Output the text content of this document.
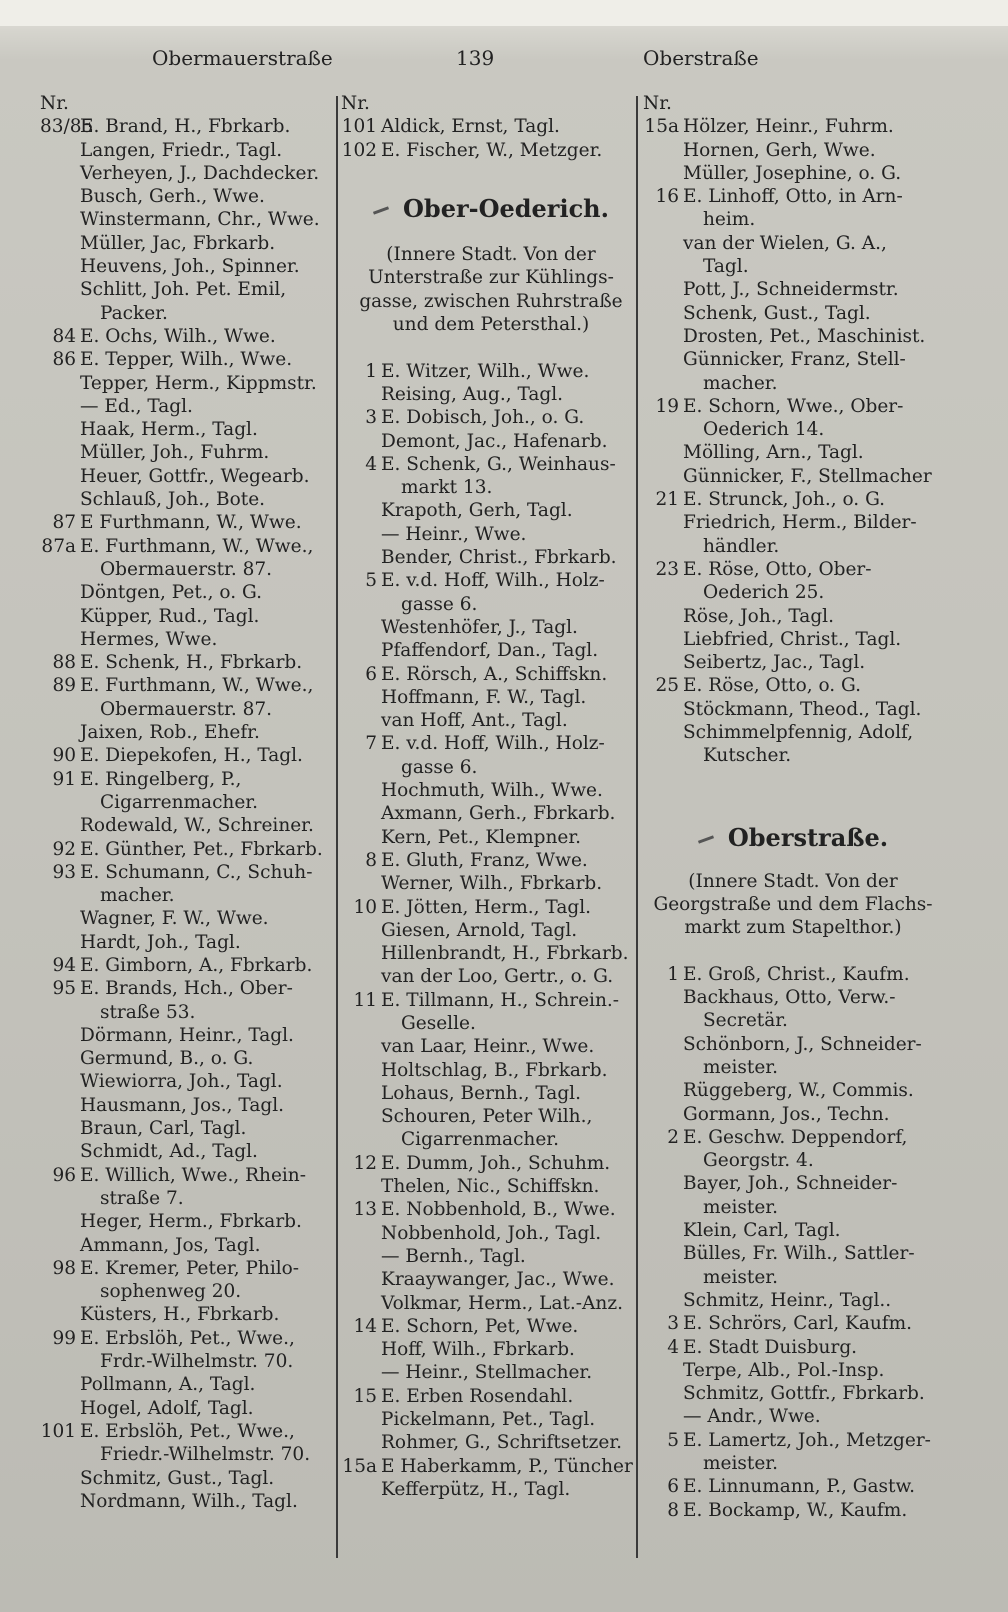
Obermauerstraße	139	Oberstraße
Nr.
83/85
E. Brand, H., Fbrkarb.
Langen, Friedr., Tagl.
Verheyen, J., Dachdecker.
Busch, Gerh., Wwe.
Winstermann, Chr., Wwe.
Müller, Jac, Fbrkarb.
Heuvens, Joh., Spinner.
Schlitt, Joh. Pet. Emil,
Packer.
84 E. Ochs, Wilh., Wwe.
86 E. Tepper, Wilh., Wwe.
Tepper, Herm., Kippmstr.
— Ed., Tagl.
Haak, Herm., Tagl.
Müller, Joh., Fuhrm.
Heuer, Gottfr., Wegearb.
Schlauß, Joh., Bote.
87 E Furthmann, W., Wwe.
87a E. Furthmann, W., Wwe.,
Obermauerstr. 87.
Döntgen, Pet., o. G.
Küpper, Rud., Tagl.
Hermes, Wwe.
88 E. Schenk, H., Fbrkarb.
89 E. Furthmann, W., Wwe.,
Obermauerstr. 87.
Jaixen, Rob., Ehefr.
90 E. Diepekofen, H., Tagl.
91 E. Ringelberg, P.,
Cigarrenmacher.
Rodewald, W., Schreiner.
92 E. Günther, Pet., Fbrkarb.
93 E. Schumann, C., Schuh-
macher.
Wagner, F. W., Wwe.
Hardt, Joh., Tagl.
94 E. Gimborn, A., Fbrkarb.
95 E. Brands, Hch., Ober-
straße 53.
Dörmann, Heinr., Tagl.
Germund, B., o. G.
Wiewiorra, Joh., Tagl.
Hausmann, Jos., Tagl.
Braun, Carl, Tagl.
Schmidt, Ad., Tagl.
96 E. Willich, Wwe., Rhein-
straße 7.
Heger, Herm., Fbrkarb.
Ammann, Jos, Tagl.
98 E. Kremer, Peter, Philo-
sophenweg 20.
Küsters, H., Fbrkarb.
99 E. Erbslöh, Pet., Wwe.,
Frdr.-Wilhelmstr. 70.
Pollmann, A., Tagl.
Hogel, Adolf, Tagl.
101 E. Erbslöh, Pet., Wwe.,
Friedr.-Wilhelmstr. 70.
Schmitz, Gust., Tagl.
Nordmann, Wilh., Tagl.
Nr.
101 Aldick, Ernst, Tagl.
102 E. Fischer, W., Metzger.
Ober-Oederich.
(Innere Stadt. Von der
Unterstraße zur Kühlings-
gasse, zwischen Ruhrstraße
und dem Petersthal.)
1 E. Witzer, Wilh., Wwe.
Reising, Aug., Tagl.
3 E. Dobisch, Joh., o. G.
Demont, Jac., Hafenarb.
4 E. Schenk, G., Weinhaus-
markt 13.
Krapoth, Gerh, Tagl.
— Heinr., Wwe.
Bender, Christ., Fbrkarb.
5 E. v.d. Hoff, Wilh., Holz-
gasse 6.
Westenhöfer, J., Tagl.
Pfaffendorf, Dan., Tagl.
6 E. Rörsch, A., Schiffskn.
Hoffmann, F. W., Tagl.
van Hoff, Ant., Tagl.
7 E. v.d. Hoff, Wilh., Holz-
gasse 6.
Hochmuth, Wilh., Wwe.
Axmann, Gerh., Fbrkarb.
Kern, Pet., Klempner.
8 E. Gluth, Franz, Wwe.
Werner, Wilh., Fbrkarb.
10 E. Jötten, Herm., Tagl.
Giesen, Arnold, Tagl.
Hillenbrandt, H., Fbrkarb.
van der Loo, Gertr., o. G.
11 E. Tillmann, H., Schrein.-
Geselle.
van Laar, Heinr., Wwe.
Holtschlag, B., Fbrkarb.
Lohaus, Bernh., Tagl.
Schouren, Peter Wilh.,
Cigarrenmacher.
12 E. Dumm, Joh., Schuhm.
Thelen, Nic., Schiffskn.
13 E. Nobbenhold, B., Wwe.
Nobbenhold, Joh., Tagl.
— Bernh., Tagl.
Kraaywanger, Jac., Wwe.
Volkmar, Herm., Lat.-Anz.
14 E. Schorn, Pet, Wwe.
Hoff, Wilh., Fbrkarb.
— Heinr., Stellmacher.
15 E. Erben Rosendahl.
Pickelmann, Pet., Tagl.
Rohmer, G., Schriftsetzer.
15a E Haberkamm, P., Tüncher
Kefferpütz, H., Tagl.
Nr.
15a Hölzer, Heinr., Fuhrm.
Hornen, Gerh, Wwe.
Müller, Josephine, o. G.
16 E. Linhoff, Otto, in Arn-
heim.
van der Wielen, G. A.,
Tagl.
Pott, J., Schneidermstr.
Schenk, Gust., Tagl.
Drosten, Pet., Maschinist.
Günnicker, Franz, Stell-
macher.
19 E. Schorn, Wwe., Ober-
Oederich 14.
Mölling, Arn., Tagl.
Günnicker, F., Stellmacher
21 E. Strunck, Joh., o. G.
Friedrich, Herm., Bilder-
händler.
23 E. Röse, Otto, Ober-
Oederich 25.
Röse, Joh., Tagl.
Liebfried, Christ., Tagl.
Seibertz, Jac., Tagl.
25 E. Röse, Otto, o. G.
Stöckmann, Theod., Tagl.
Schimmelpfennig, Adolf,
Kutscher.
Oberstraße.
(Innere Stadt. Von der
Georgstraße und dem Flachs-
markt zum Stapelthor.)
1 E. Groß, Christ., Kaufm.
Backhaus, Otto, Verw.-
Secretär.
Schönborn, J., Schneider-
meister.
Rüggeberg, W., Commis.
Gormann, Jos., Techn.
2 E. Geschw. Deppendorf,
Georgstr. 4.
Bayer, Joh., Schneider-
meister.
Klein, Carl, Tagl.
Bülles, Fr. Wilh., Sattler-
meister.
Schmitz, Heinr., Tagl..
3 E. Schrörs, Carl, Kaufm.
4 E. Stadt Duisburg.
Terpe, Alb., Pol.-Insp.
Schmitz, Gottfr., Fbrkarb.
— Andr., Wwe.
5 E. Lamertz, Joh., Metzger-
meister.
6 E. Linnumann, P., Gastw.
8 E. Bockamp, W., Kaufm.
